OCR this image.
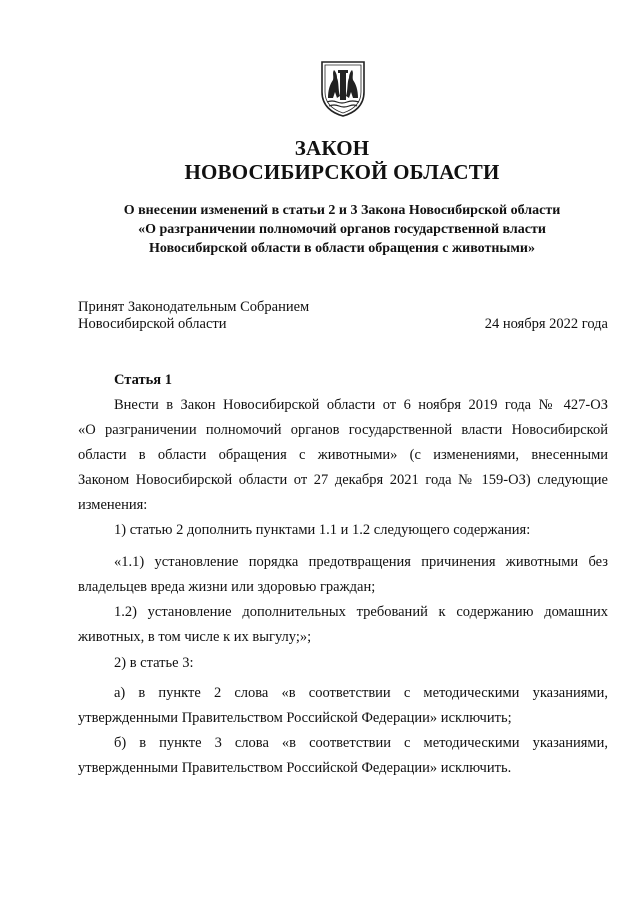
ЗАКОН
НОВОСИБИРСКОЙ ОБЛАСТИ
О внесении изменений в статьи 2 и 3 Закона Новосибирской области
«О разграничении полномочий органов государственной власти
Новосибирской области в области обращения с животными»
Принят Законодательным Собранием
Новосибирской области	24 ноября 2022 года
Статья 1
Внести в Закон Новосибирской области от 6 ноября 2019 года № 427-ОЗ
«О разграничении полномочий органов государственной власти Новосибирской
области в области обращения с животными» (с изменениями, внесенными
Законом Новосибирской области от 27 декабря 2021 года № 159-ОЗ) следующие
изменения:
1) статью 2 дополнить пунктами 1.1 и 1.2 следующего содержания:
«1.1) установление порядка предотвращения причинения животными без
владельцев вреда жизни или здоровью граждан;
1.2) установление дополнительных требований к содержанию домашних
животных, в том числе к их выгулу;»;
2) в статье 3:
а) в пункте 2 слова «в соответствии с методическими указаниями,
утвержденными Правительством Российской Федерации» исключить;
б) в пункте 3 слова «в соответствии с методическими указаниями,
утвержденными Правительством Российской Федерации» исключить.
